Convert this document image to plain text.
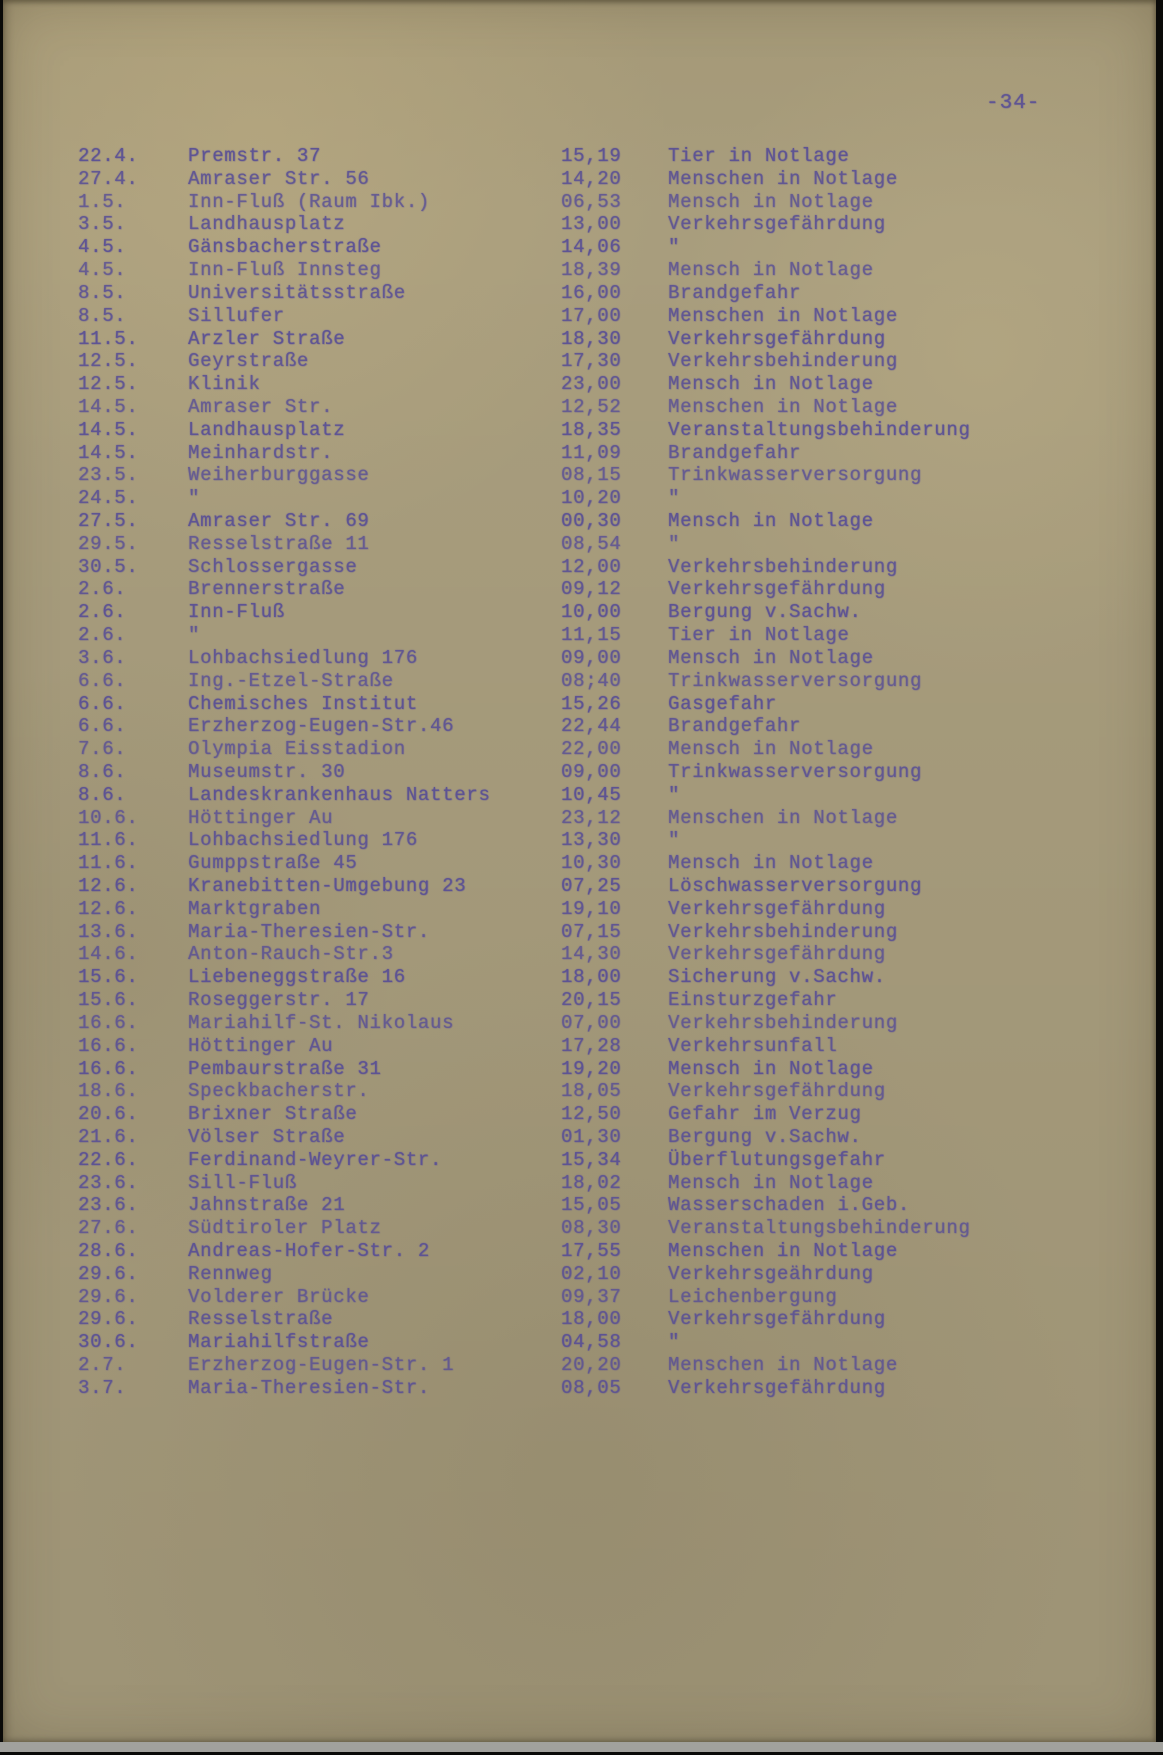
-34-
22.4.	Premstr. 37	15,19	Tier in Notlage
27.4.	Amraser Str. 56	14,20	Menschen in Notlage
1.5.	Inn-Fluß (Raum Ibk.)	06,53	Mensch in Notlage
3.5.	Landhausplatz	13,00	Verkehrsgefährdung
4.5.	Gänsbacherstraße	14,06	"
4.5.	Inn-Fluß Innsteg	18,39	Mensch in Notlage
8.5.	Universitätsstraße	16,00	Brandgefahr
8.5.	Sillufer	17,00	Menschen in Notlage
11.5.	Arzler Straße	18,30	Verkehrsgefährdung
12.5.	Geyrstraße	17,30	Verkehrsbehinderung
12.5.	Klinik	23,00	Mensch in Notlage
14.5.	Amraser Str.	12,52	Menschen in Notlage
14.5.	Landhausplatz	18,35	Veranstaltungsbehinderung
14.5.	Meinhardstr.	11,09	Brandgefahr
23.5.	Weiherburggasse	08,15	Trinkwasserversorgung
24.5.	"	10,20	"
27.5.	Amraser Str. 69	00,30	Mensch in Notlage
29.5.	Resselstraße 11	08,54	"
30.5.	Schlossergasse	12,00	Verkehrsbehinderung
2.6.	Brennerstraße	09,12	Verkehrsgefährdung
2.6.	Inn-Fluß	10,00	Bergung v.Sachw.
2.6.	"	11,15	Tier in Notlage
3.6.	Lohbachsiedlung 176	09,00	Mensch in Notlage
6.6.	Ing.-Etzel-Straße	08;40	Trinkwasserversorgung
6.6.	Chemisches Institut	15,26	Gasgefahr
6.6.	Erzherzog-Eugen-Str.46	22,44	Brandgefahr
7.6.	Olympia Eisstadion	22,00	Mensch in Notlage
8.6.	Museumstr. 30	09,00	Trinkwasserversorgung
8.6.	Landeskrankenhaus Natters	10,45	"
10.6.	Höttinger Au	23,12	Menschen in Notlage
11.6.	Lohbachsiedlung 176	13,30	"
11.6.	Gumppstraße 45	10,30	Mensch in Notlage
12.6.	Kranebitten-Umgebung 23	07,25	Löschwasserversorgung
12.6.	Marktgraben	19,10	Verkehrsgefährdung
13.6.	Maria-Theresien-Str.	07,15	Verkehrsbehinderung
14.6.	Anton-Rauch-Str.3	14,30	Verkehrsgefährdung
15.6.	Liebeneggstraße 16	18,00	Sicherung v.Sachw.
15.6.	Roseggerstr. 17	20,15	Einsturzgefahr
16.6.	Mariahilf-St. Nikolaus	07,00	Verkehrsbehinderung
16.6.	Höttinger Au	17,28	Verkehrsunfall
16.6.	Pembaurstraße 31	19,20	Mensch in Notlage
18.6.	Speckbacherstr.	18,05	Verkehrsgefährdung
20.6.	Brixner Straße	12,50	Gefahr im Verzug
21.6.	Völser Straße	01,30	Bergung v.Sachw.
22.6.	Ferdinand-Weyrer-Str.	15,34	Überflutungsgefahr
23.6.	Sill-Fluß	18,02	Mensch in Notlage
23.6.	Jahnstraße 21	15,05	Wasserschaden i.Geb.
27.6.	Südtiroler Platz	08,30	Veranstaltungsbehinderung
28.6.	Andreas-Hofer-Str. 2	17,55	Menschen in Notlage
29.6.	Rennweg	02,10	Verkehrsgeährdung
29.6.	Volderer Brücke	09,37	Leichenbergung
29.6.	Resselstraße	18,00	Verkehrsgefährdung
30.6.	Mariahilfstraße	04,58	"
2.7.	Erzherzog-Eugen-Str. 1	20,20	Menschen in Notlage
3.7.	Maria-Theresien-Str.	08,05	Verkehrsgefährdung
